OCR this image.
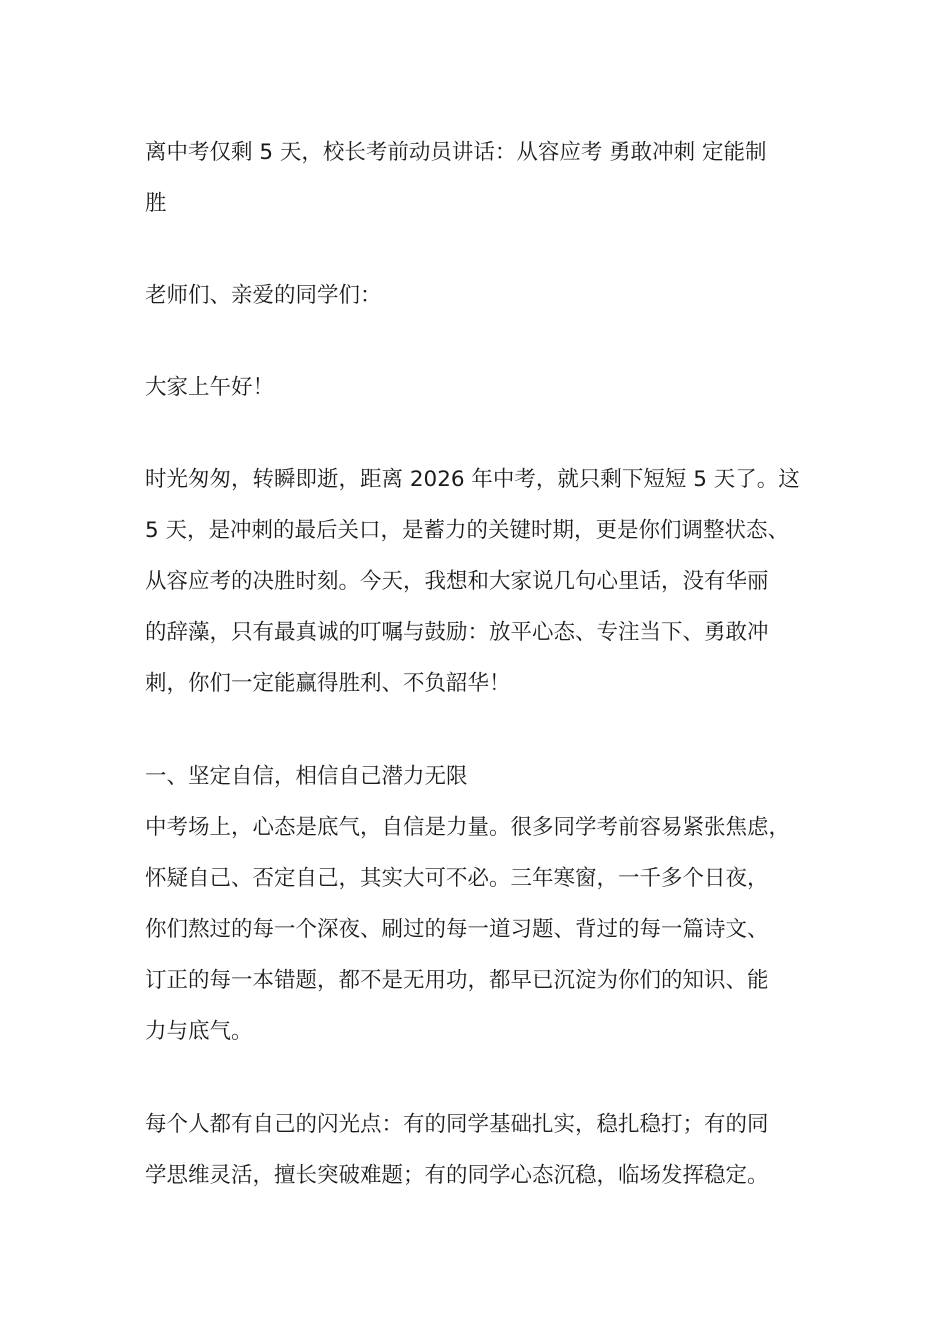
离中考仅剩 5 天，校长考前动员讲话：从容应考 勇敢冲刺 定能制
胜

老师们、亲爱的同学们：

大家上午好！

时光匆匆，转瞬即逝，距离 2026 年中考，就只剩下短短 5 天了。这
5 天，是冲刺的最后关口，是蓄力的关键时期，更是你们调整状态、
从容应考的决胜时刻。今天，我想和大家说几句心里话，没有华丽
的辞藻，只有最真诚的叮嘱与鼓励：放平心态、专注当下、勇敢冲
刺，你们一定能赢得胜利、不负韶华！

一、坚定自信，相信自己潜力无限

中考场上，心态是底气，自信是力量。很多同学考前容易紧张焦虑，
怀疑自己、否定自己，其实大可不必。三年寒窗，一千多个日夜，
你们熬过的每一个深夜、刷过的每一道习题、背过的每一篇诗文、
订正的每一本错题，都不是无用功，都早已沉淀为你们的知识、能
力与底气。

每个人都有自己的闪光点：有的同学基础扎实，稳扎稳打；有的同
学思维灵活，擅长突破难题；有的同学心态沉稳，临场发挥稳定。
